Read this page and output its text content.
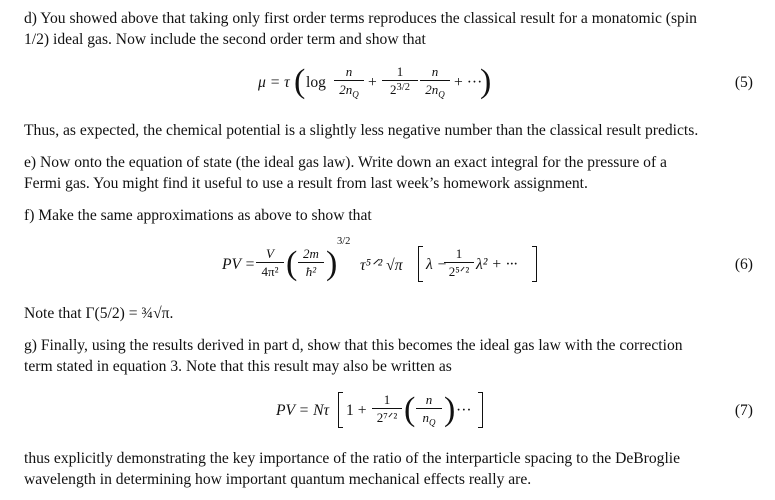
d) You showed above that taking only first order terms reproduces the classical result for a monatomic (spin
1/2) ideal gas. Now include the second order term and show that
μ = τ ( log
n
$2n_Q$
+
1
$2^{3/2}$
n
$2n_Q$
+ ···
)	(5)
Thus, as expected, the chemical potential is a slightly less negative number than the classical result predicts.
e) Now onto the equation of state (the ideal gas law). Write down an exact integral for the pressure of a
Fermi gas. You might find it useful to use a result from last week’s homework assignment.
f) Make the same approximations as above to show that
PV =
V
4π² ( 2m
ħ² )
3/2
τ⁵ᐟ² √π λ −
1
2⁵ᐟ² λ² + ···	(6)
Note that Γ(5/2) = ¾√π.
g) Finally, using the results derived in part d, show that this becomes the ideal gas law with the correction
term stated in equation 3. Note that this result may also be written as
PV = Nτ 1 +
1
2⁷ᐟ² ( n
$n_Q$ ) ···	(7)
thus explicitly demonstrating the key importance of the ratio of the interparticle spacing to the DeBroglie
wavelength in determining how important quantum mechanical effects really are.
